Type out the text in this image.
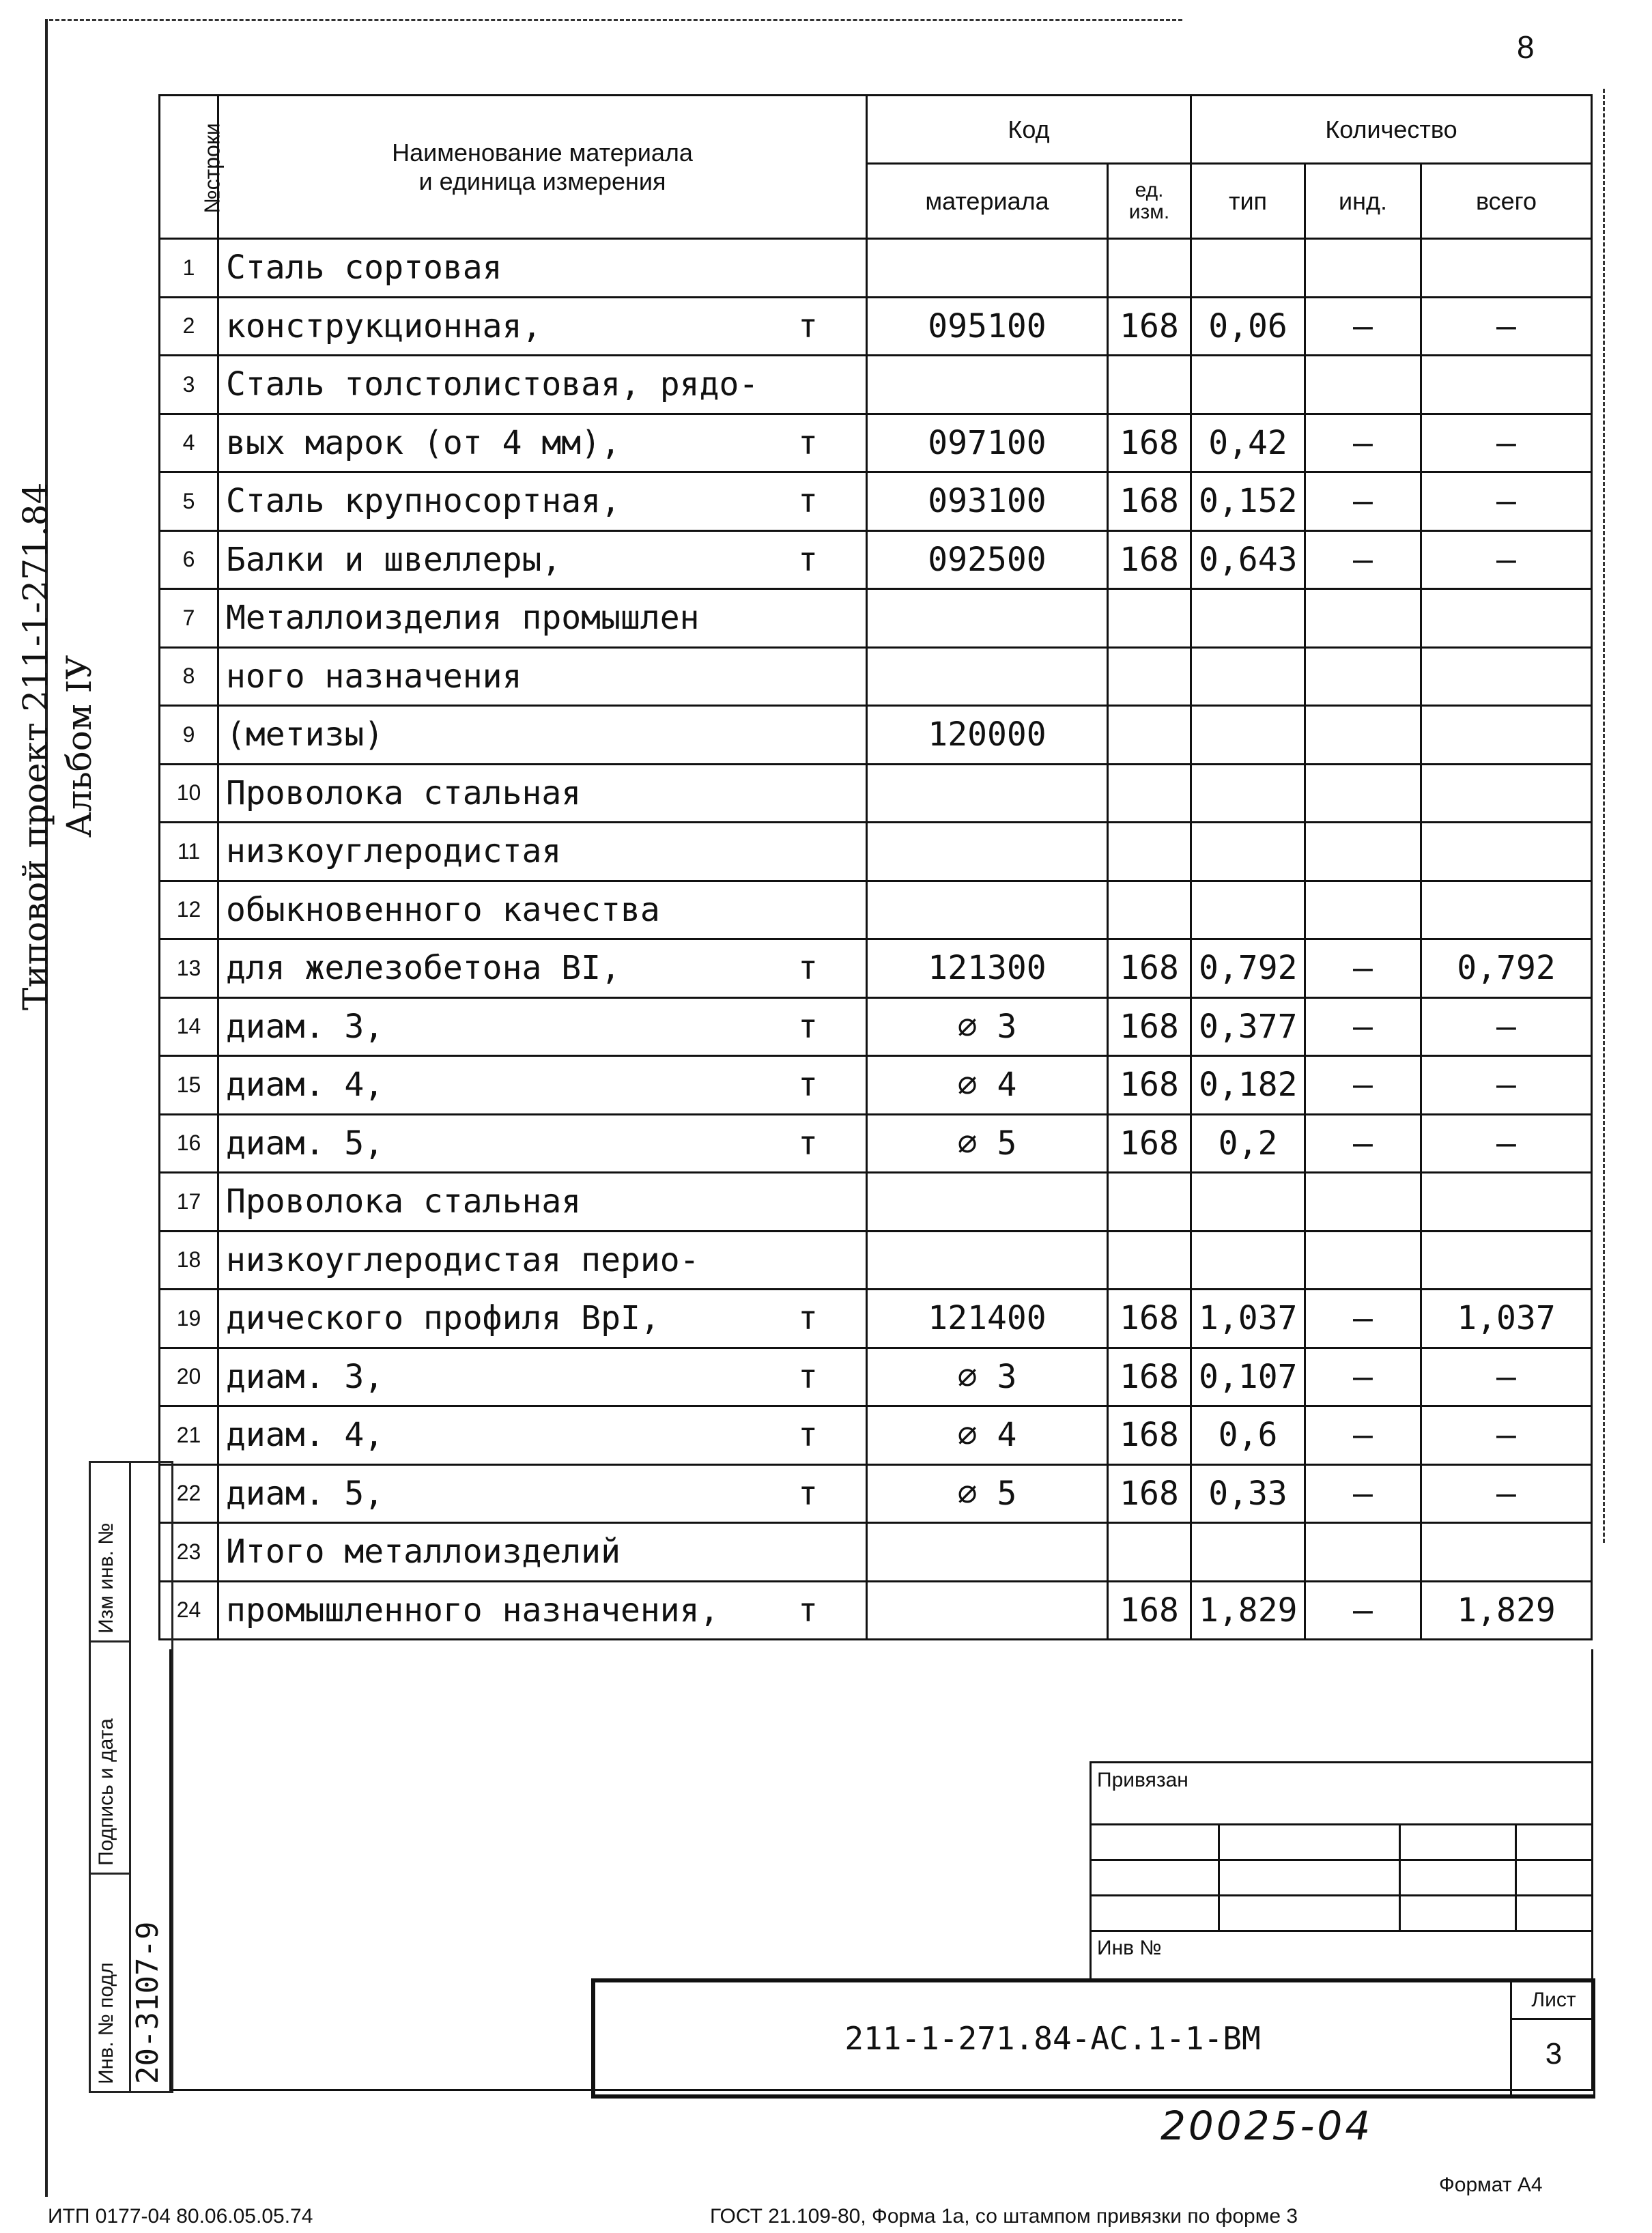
8
№строки	Наименование материала
и единица измерения	Код		Количество		
		материала	ед. изм.	тип	инд.	всего
1	Сталь сортовая					

2	конструкционная, т	095100	168	0,06	–	–
3	Сталь толстолистовая, рядо-					

4	вых марок (от 4 мм), т	097100	168	0,42	–	–
5	Сталь крупносортная, т	093100	168	0,152	–	–
6	Балки и швеллеры, т	092500	168	0,643	–	–
7	Металлоизделия промышлен					

8	ного назначения					

9	(метизы)	120000				
10	Проволока стальная					

11	низкоуглеродистая					

12	обыкновенного качества					

13	для железобетона BI, т	121300	168	0,792	–	0,792
14	диам. 3, т	⌀ 3	168	0,377	–	–
15	диам. 4, т	⌀ 4	168	0,182	–	–
16	диам. 5, т	⌀ 5	168	0,2	–	–
17	Проволока стальная					

18	низкоуглеродистая перио-					

19	дического профиля BpI, т	121400	168	1,037	–	1,037
20	диам. 3, т	⌀ 3	168	0,107	–	–
21	диам. 4, т	⌀ 4	168	0,6	–	–
22	диам. 5, т	⌀ 5	168	0,33	–	–
23	Итого металлоизделий					

24	промышленного назначения, т		168	1,829	–	1,829
Типовой проект 211-1-271.84 Альбом IУ
Изм инв. №
Подпись и дата
Инв. № подл 20-3107-9
Привязан
Инв №
211-1-271.84-АС.1-1-ВМ
Лист
3
20025-04
Формат А4
ИТП 0177-04 80.06.05.05.74	ГОСТ 21.109-80, Форма 1а, со штампом привязки по форме 3
